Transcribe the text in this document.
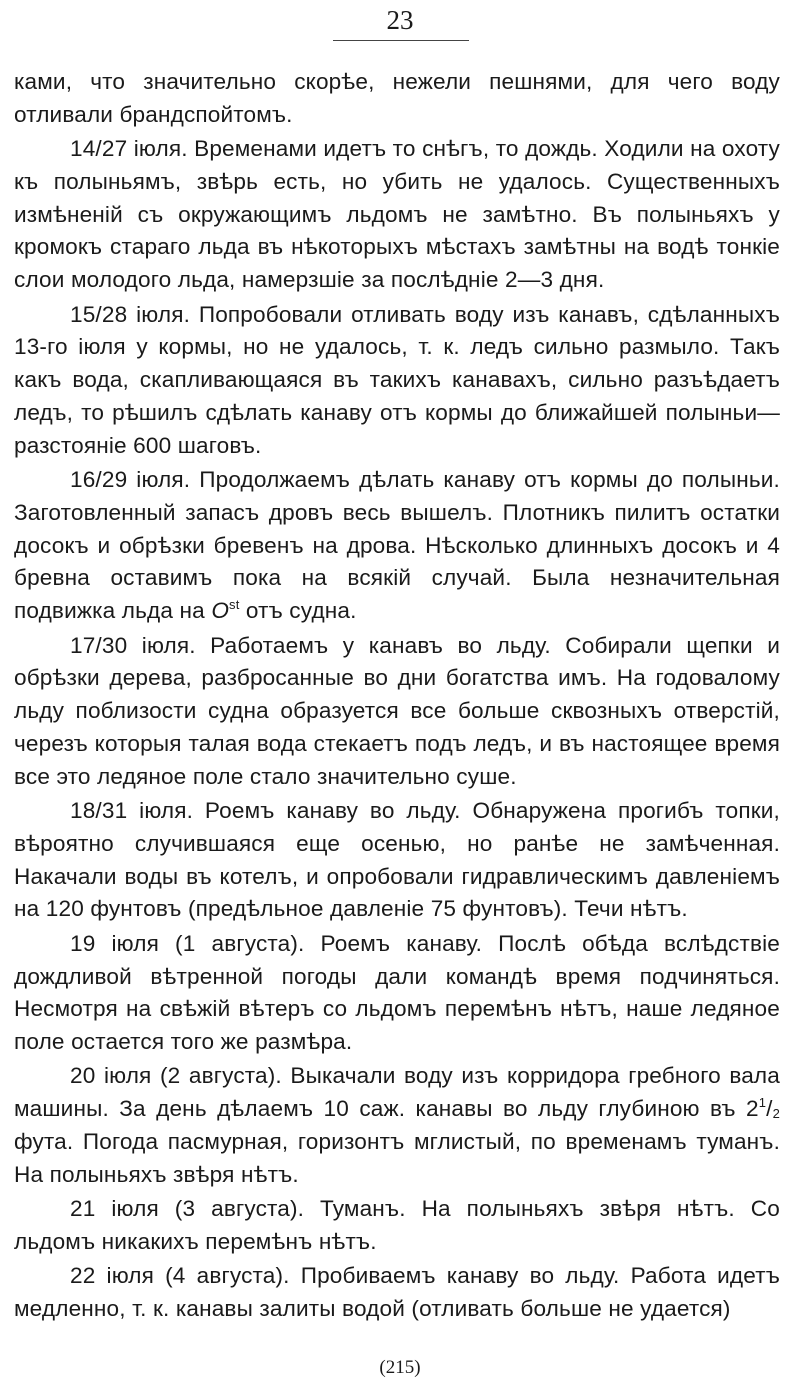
23

ками, что значительно скорѣе, нежели пешнями, для чего воду отливали брандспойтомъ.

14/27 іюля. Временами идетъ то снѣгъ, то дождь. Ходили на охоту къ полыньямъ, звѣрь есть, но убить не удалось. Существенныхъ измѣненій съ окружающимъ льдомъ не замѣтно. Въ полыньяхъ у кромокъ стараго льда въ нѣкоторыхъ мѣстахъ замѣтны на водѣ тонкіе слои молодого льда, намерзшіе за послѣдніе 2—3 дня.

15/28 іюля. Попробовали отливать воду изъ канавъ, сдѣланныхъ 13-го іюля у кормы, но не удалось, т. к. ледъ сильно размыло. Такъ какъ вода, скапливающаяся въ такихъ канавахъ, сильно разъѣдаетъ ледъ, то рѣшилъ сдѣлать канаву отъ кормы до ближайшей полыньи—разстояніе 600 шаговъ.

16/29 іюля. Продолжаемъ дѣлать канаву отъ кормы до полыньи. Заготовленный запасъ дровъ весь вышелъ. Плотникъ пилитъ остатки досокъ и обрѣзки бревенъ на дрова. Нѣсколько длинныхъ досокъ и 4 бревна оставимъ пока на всякій случай. Была незначительная подвижка льда на $O^{st}$ отъ судна.

17/30 іюля. Работаемъ у канавъ во льду. Собирали щепки и обрѣзки дерева, разбросанные во дни богатства имъ. На годовалому льду поблизости судна образуется все больше сквозныхъ отверстій, черезъ которыя талая вода стекаетъ подъ ледъ, и въ настоящее время все это ледяное поле стало значительно суше.

18/31 іюля. Роемъ канаву во льду. Обнаружена прогибъ топки, вѣроятно случившаяся еще осенью, но ранѣе не замѣченная. Накачали воды въ котелъ, и опробовали гидравлическимъ давленіемъ на 120 фунтовъ (предѣльное давленіе 75 фунтовъ). Течи нѣтъ.

19 іюля (1 августа). Роемъ канаву. Послѣ обѣда вслѣдствіе дождливой вѣтренной погоды дали командѣ время подчиняться. Несмотря на свѣжій вѣтеръ со льдомъ перемѣнъ нѣтъ, наше ледяное поле остается того же размѣра.

20 іюля (2 августа). Выкачали воду изъ корридора гребного вала машины. За день дѣлаемъ 10 саж. канавы во льду глубиною въ $2^1/_2$ фута. Погода пасмурная, горизонтъ мглистый, по временамъ туманъ. На полыньяхъ звѣря нѣтъ.

21 іюля (3 августа). Туманъ. На полыньяхъ звѣря нѣтъ. Со льдомъ никакихъ перемѣнъ нѣтъ.

22 іюля (4 августа). Пробиваемъ канаву во льду. Работа идетъ медленно, т. к. канавы залиты водой (отливать больше не удается)

(215)
